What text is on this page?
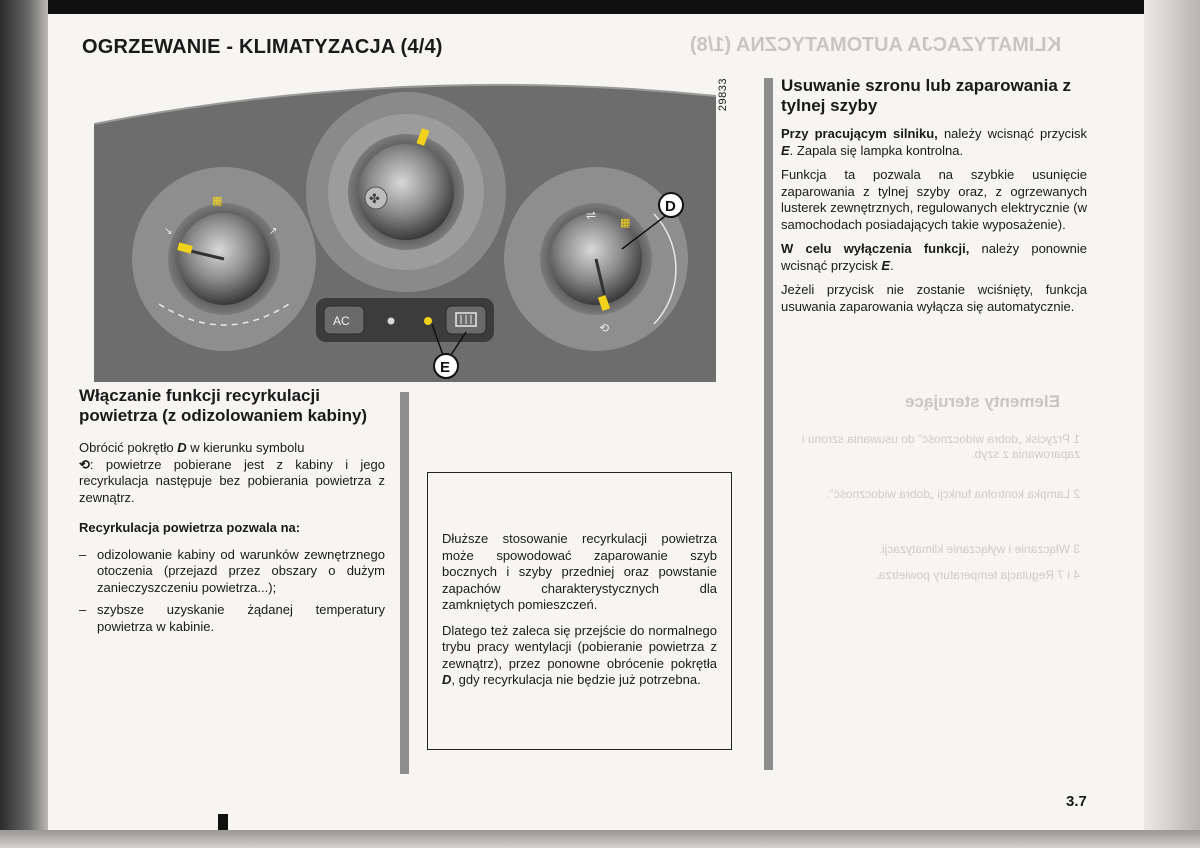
KLIMATYZACJA AUTOMATYCZNA (1/8)
Elementy sterujące
1 Przycisk „dobra widoczność” do usuwania szronu i zaparowania z szyb.
2 Lampka kontrolna funkcji „dobra widoczność”.
3 Włączanie i wyłączanie klimatyzacji.
4 i 7 Regulacja temperatury powietrza.
OGRZEWANIE - KLIMATYZACJA (4/4)
▦
↘	↗
✤
⇌
▦
⟲
AC
D
E
29833
Włączanie funkcji recyrkulacji powietrza (z odizolowaniem kabiny)

Obrócić pokrętło D w kierunku symbolu
⟲: powietrze pobierane jest z kabiny i jego recyrkulacja następuje bez pobierania powietrza z zewnątrz.

Recyrkulacja powietrza pozwala na:

– odizolowanie kabiny od warunków zewnętrznego otoczenia (przejazd przez obszary o dużym zanieczyszczeniu powietrza...);
– szybsze uzyskanie żądanej temperatury powietrza w kabinie.

Dłuższe stosowanie recyrkulacji powietrza może spowodować zaparowanie szyb bocznych i szyby przedniej oraz powstanie zapachów charakterystycznych dla zamkniętych pomieszczeń.

Dlatego też zaleca się przejście do normalnego trybu pracy wentylacji (pobieranie powietrza z zewnątrz), przez ponowne obrócenie pokrętła D, gdy recyrkulacja nie będzie już potrzebna.

Usuwanie szronu lub zaparowania z tylnej szyby

Przy pracującym silniku, należy wcisnąć przycisk E. Zapala się lampka kontrolna.

Funkcja ta pozwala na szybkie usunięcie zaparowania z tylnej szyby oraz, z ogrzewanych lusterek zewnętrznych, regulowanych elektrycznie (w samochodach posiadających takie wyposażenie).

W celu wyłączenia funkcji, należy ponownie wcisnąć przycisk E.

Jeżeli przycisk nie zostanie wciśnięty, funkcja usuwania zaparowania wyłącza się automatycznie.

3.7
